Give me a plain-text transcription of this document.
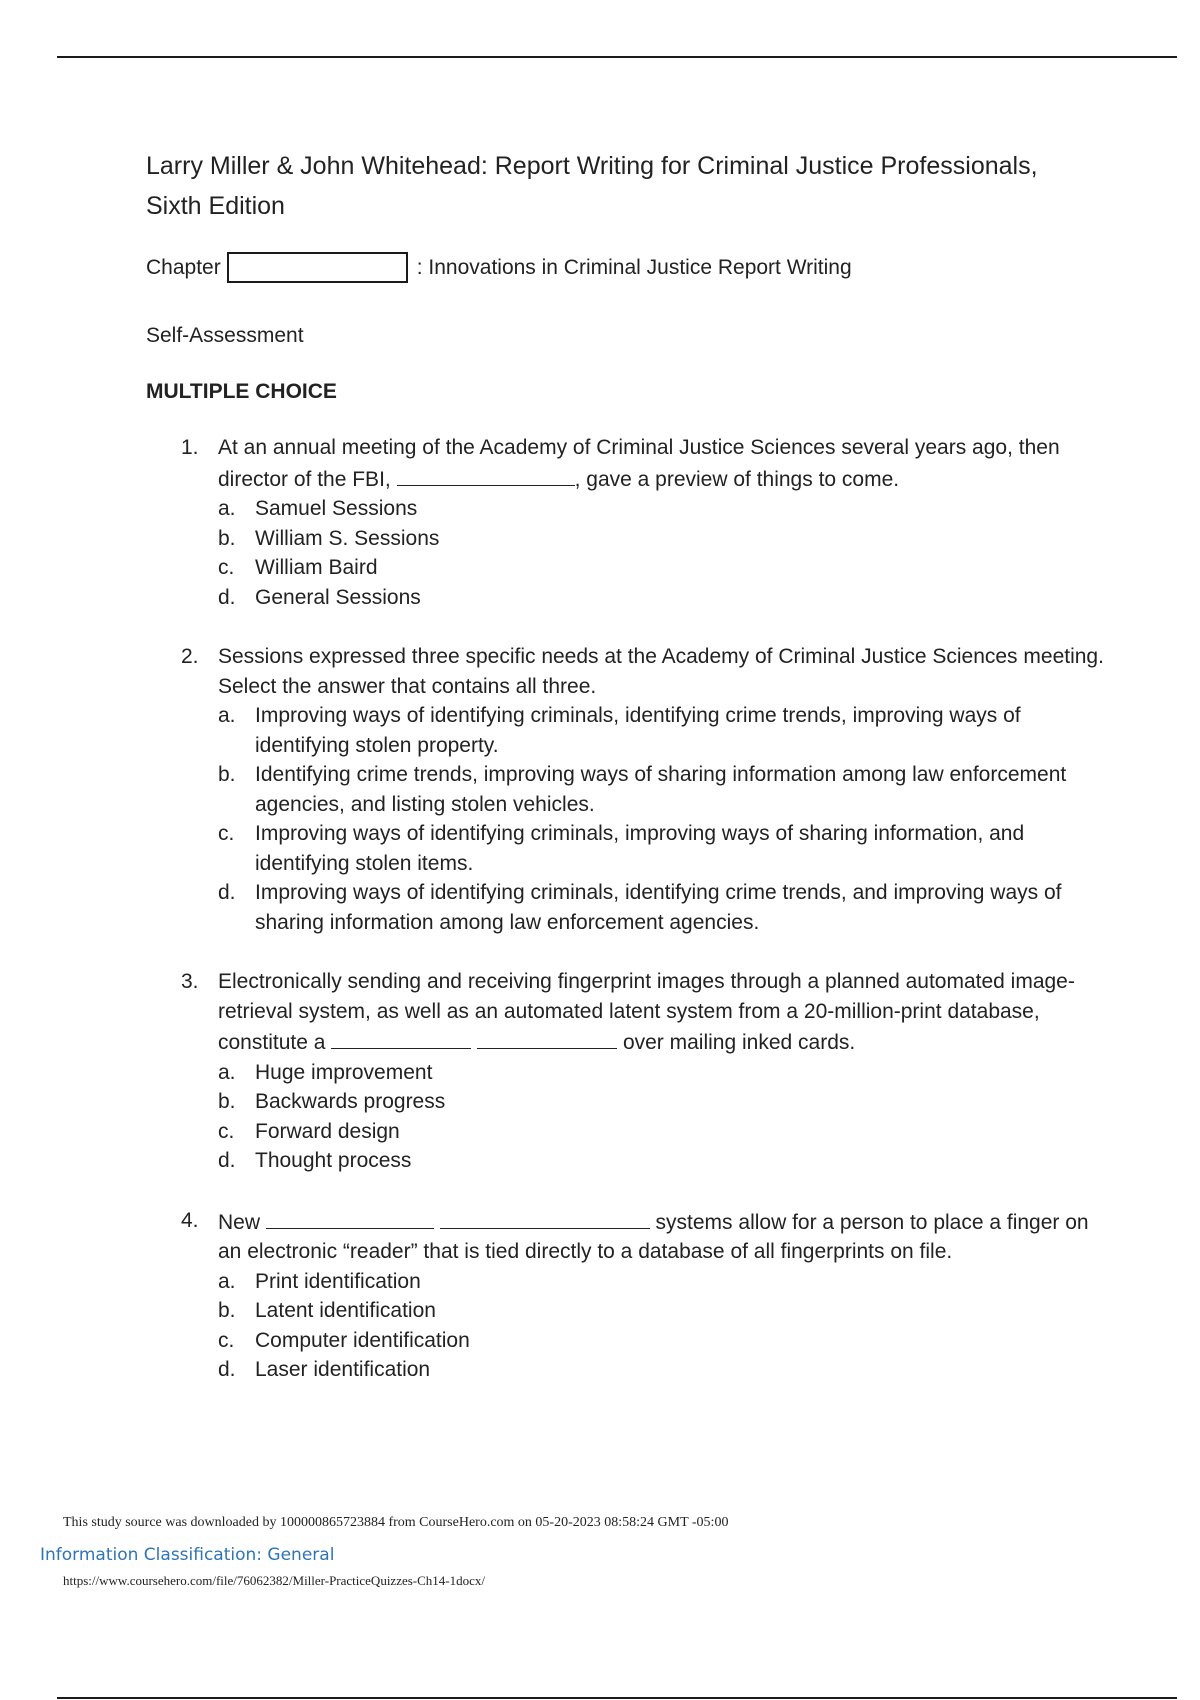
Larry Miller & John Whitehead: Report Writing for Criminal Justice Professionals,
Sixth Edition
Chapter	: Innovations in Criminal Justice Report Writing
Self-Assessment
MULTIPLE CHOICE
1. At an annual meeting of the Academy of Criminal Justice Sciences several years ago, then director of the FBI,	, gave a preview of things to come.
a. Samuel Sessions
b. William S. Sessions
c. William Baird
d. General Sessions
2. Sessions expressed three specific needs at the Academy of Criminal Justice Sciences meeting. Select the answer that contains all three.
a. Improving ways of identifying criminals, identifying crime trends, improving ways of identifying stolen property.
b. Identifying crime trends, improving ways of sharing information among law enforcement agencies, and listing stolen vehicles.
c. Improving ways of identifying criminals, improving ways of sharing information, and identifying stolen items.
d. Improving ways of identifying criminals, identifying crime trends, and improving ways of sharing information among law enforcement agencies.
3. Electronically sending and receiving fingerprint images through a planned automated image-retrieval system, as well as an automated latent system from a 20-million-print database, constitute a	over mailing inked cards.
a. Huge improvement
b. Backwards progress
c. Forward design
d. Thought process
4. New	systems allow for a person to place a finger on an electronic “reader” that is tied directly to a database of all fingerprints on file.
a. Print identification
b. Latent identification
c. Computer identification
d. Laser identification
This study source was downloaded by 100000865723884 from CourseHero.com on 05-20-2023 08:58:24 GMT -05:00
Information Classification: General
https://www.coursehero.com/file/76062382/Miller-PracticeQuizzes-Ch14-1docx/
